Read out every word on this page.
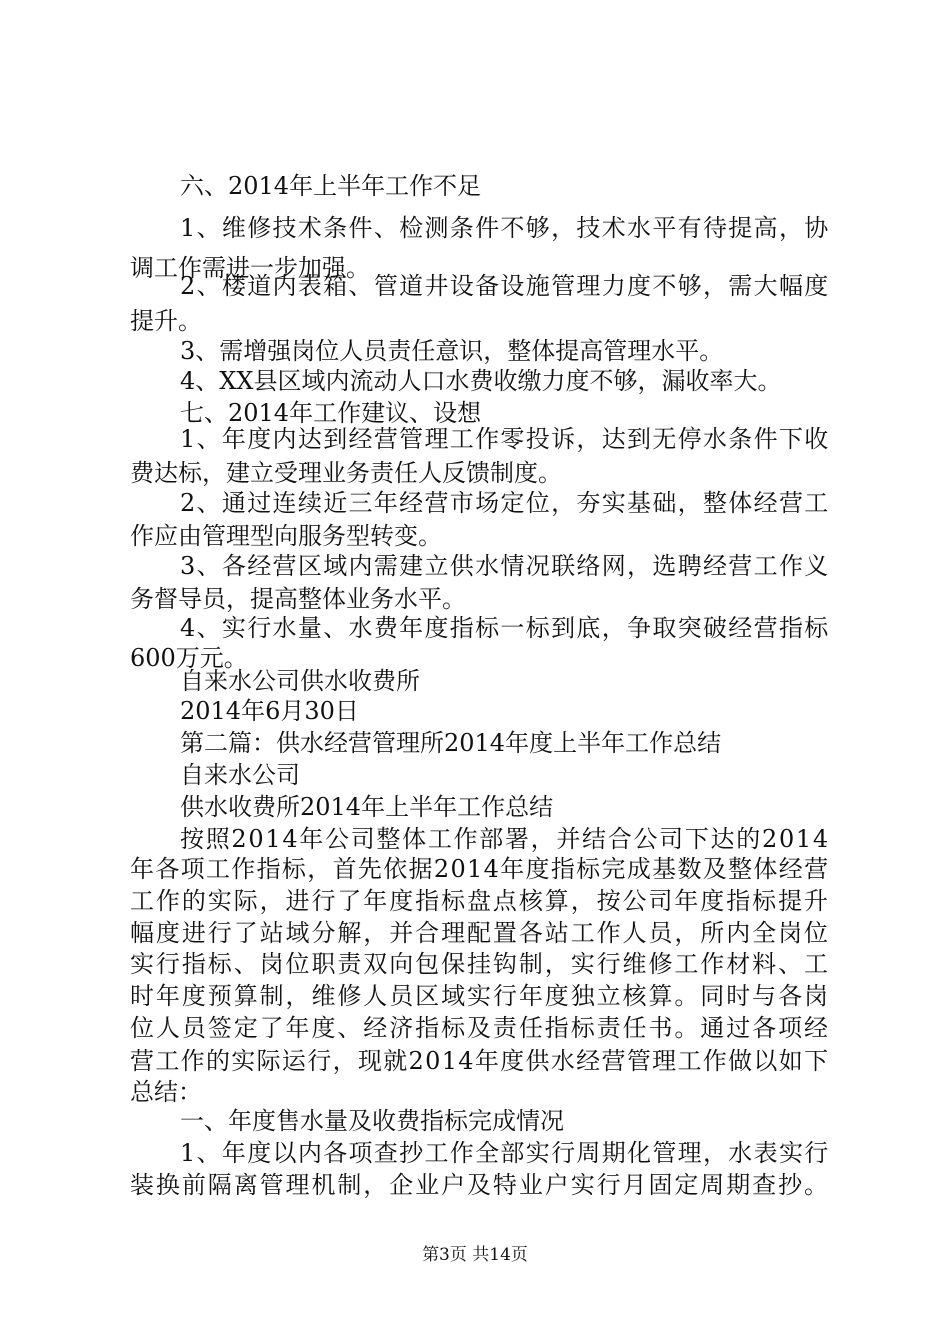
六、2014年上半年工作不足
1、维修技术条件、检测条件不够，技术水平有待提高，协
调工作需进一步加强。
2、楼道内表箱、管道井设备设施管理力度不够，需大幅度
提升。
3、需增强岗位人员责任意识，整体提高管理水平。
4、XX县区域内流动人口水费收缴力度不够，漏收率大。
七、2014年工作建议、设想
1、年度内达到经营管理工作零投诉，达到无停水条件下收
费达标，建立受理业务责任人反馈制度。
2、通过连续近三年经营市场定位，夯实基础，整体经营工
作应由管理型向服务型转变。
3、各经营区域内需建立供水情况联络网，选聘经营工作义
务督导员，提高整体业务水平。
4、实行水量、水费年度指标一标到底，争取突破经营指标
600万元。
自来水公司供水收费所
2014年6月30日
第二篇：供水经营管理所2014年度上半年工作总结
自来水公司
供水收费所2014年上半年工作总结
按照2014年公司整体工作部署，并结合公司下达的2014
年各项工作指标，首先依据2014年度指标完成基数及整体经营
工作的实际，进行了年度指标盘点核算，按公司年度指标提升
幅度进行了站域分解，并合理配置各站工作人员，所内全岗位
实行指标、岗位职责双向包保挂钩制，实行维修工作材料、工
时年度预算制，维修人员区域实行年度独立核算。同时与各岗
位人员签定了年度、经济指标及责任指标责任书。通过各项经
营工作的实际运行，现就2014年度供水经营管理工作做以如下
总结：
一、年度售水量及收费指标完成情况
1、年度以内各项查抄工作全部实行周期化管理，水表实行
装换前隔离管理机制，企业户及特业户实行月固定周期查抄。
第3页 共14页
